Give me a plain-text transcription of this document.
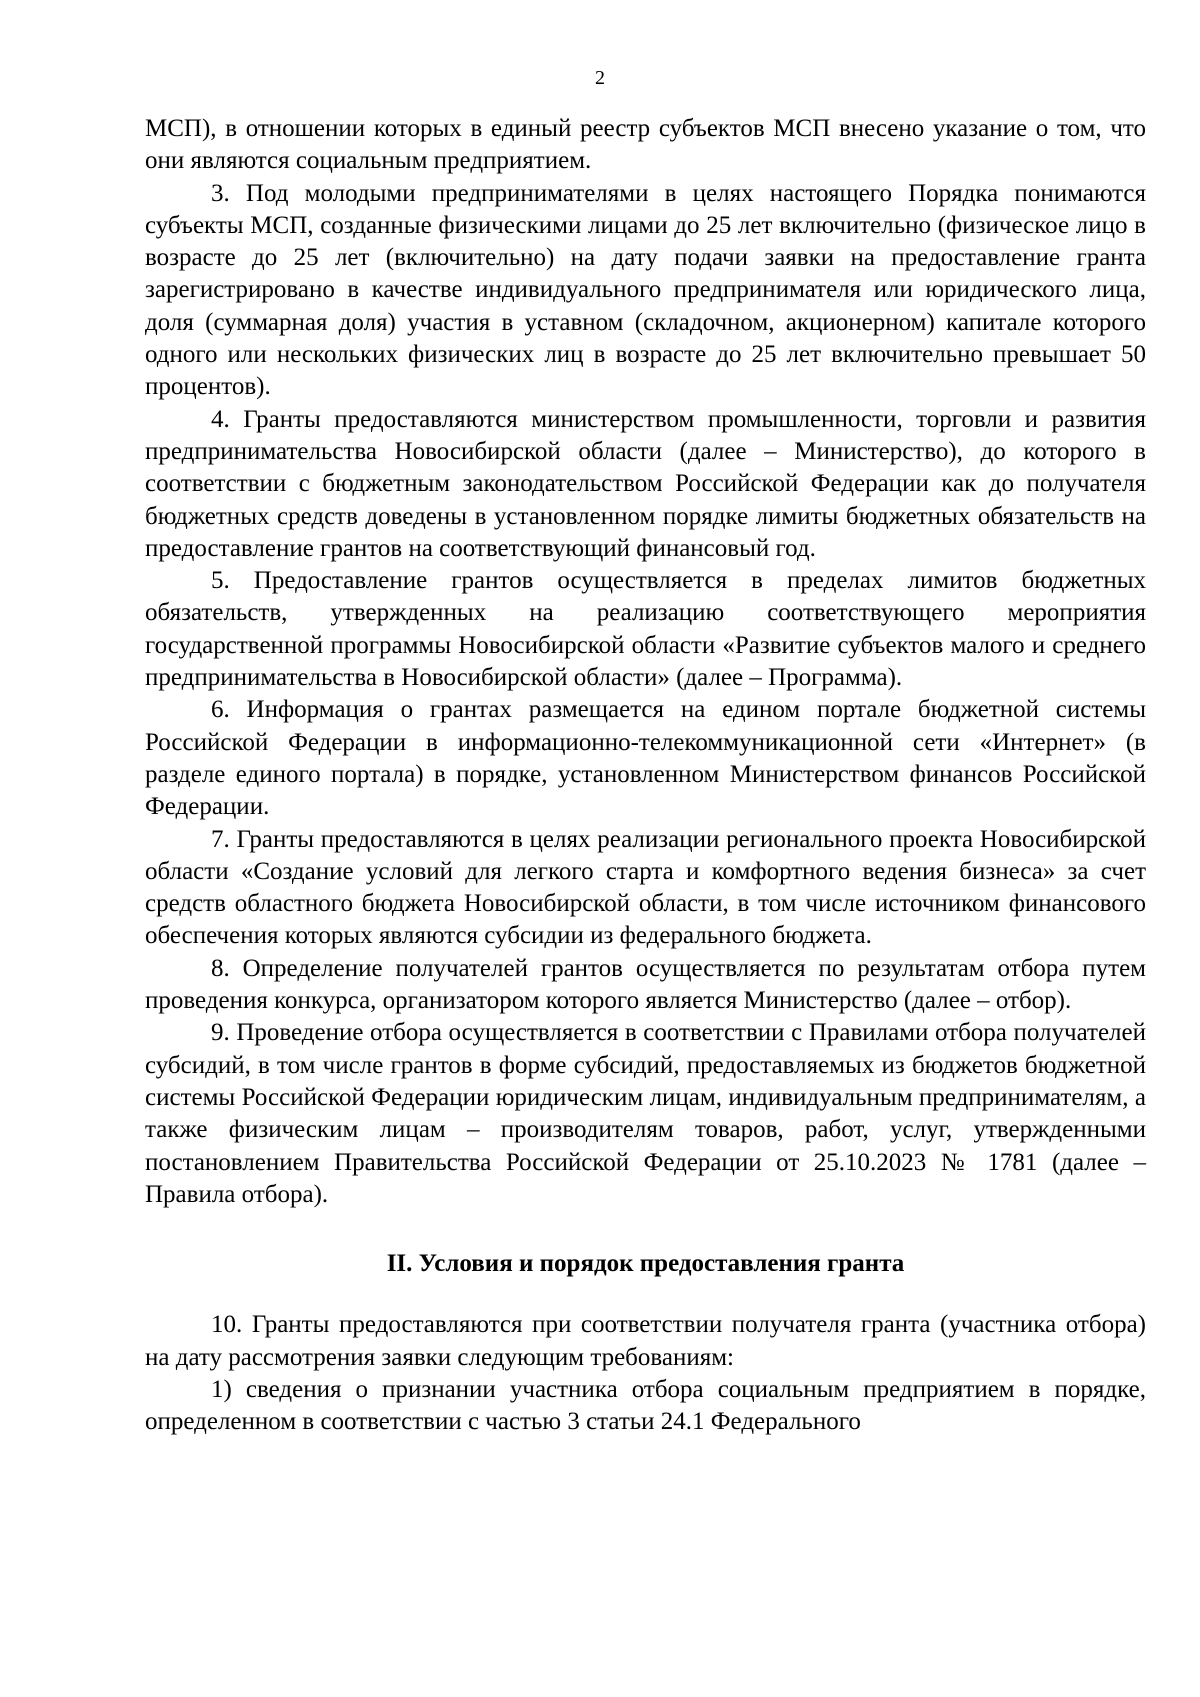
2

МСП), в отношении которых в единый реестр субъектов МСП внесено указание о том, что они являются социальным предприятием.

3. Под молодыми предпринимателями в целях настоящего Порядка понимаются субъекты МСП, созданные физическими лицами до 25 лет включительно (физическое лицо в возрасте до 25 лет (включительно) на дату подачи заявки на предоставление гранта зарегистрировано в качестве индивидуального предпринимателя или юридического лица, доля (суммарная доля) участия в уставном (складочном, акционерном) капитале которого одного или нескольких физических лиц в возрасте до 25 лет включительно превышает 50 процентов).

4. Гранты предоставляются министерством промышленности, торговли и развития предпринимательства Новосибирской области (далее – Министерство), до которого в соответствии с бюджетным законодательством Российской Федерации как до получателя бюджетных средств доведены в установленном порядке лимиты бюджетных обязательств на предоставление грантов на соответствующий финансовый год.

5. Предоставление грантов осуществляется в пределах лимитов бюджетных обязательств, утвержденных на реализацию соответствующего мероприятия государственной программы Новосибирской области «Развитие субъектов малого и среднего предпринимательства в Новосибирской области» (далее – Программа).

6. Информация о грантах размещается на едином портале бюджетной системы Российской Федерации в информационно-телекоммуникационной сети «Интернет» (в разделе единого портала) в порядке, установленном Министерством финансов Российской Федерации.

7. Гранты предоставляются в целях реализации регионального проекта Новосибирской области «Создание условий для легкого старта и комфортного ведения бизнеса» за счет средств областного бюджета Новосибирской области, в том числе источником финансового обеспечения которых являются субсидии из федерального бюджета.

8. Определение получателей грантов осуществляется по результатам отбора путем проведения конкурса, организатором которого является Министерство (далее – отбор).

9. Проведение отбора осуществляется в соответствии с Правилами отбора получателей субсидий, в том числе грантов в форме субсидий, предоставляемых из бюджетов бюджетной системы Российской Федерации юридическим лицам, индивидуальным предпринимателям, а также физическим лицам – производителям товаров, работ, услуг, утвержденными постановлением Правительства Российской Федерации от 25.10.2023 № 1781 (далее – Правила отбора).

II. Условия и порядок предоставления гранта

10. Гранты предоставляются при соответствии получателя гранта (участника отбора) на дату рассмотрения заявки следующим требованиям:

1) сведения о признании участника отбора социальным предприятием в порядке, определенном в соответствии с частью 3 статьи 24.1 Федерального
